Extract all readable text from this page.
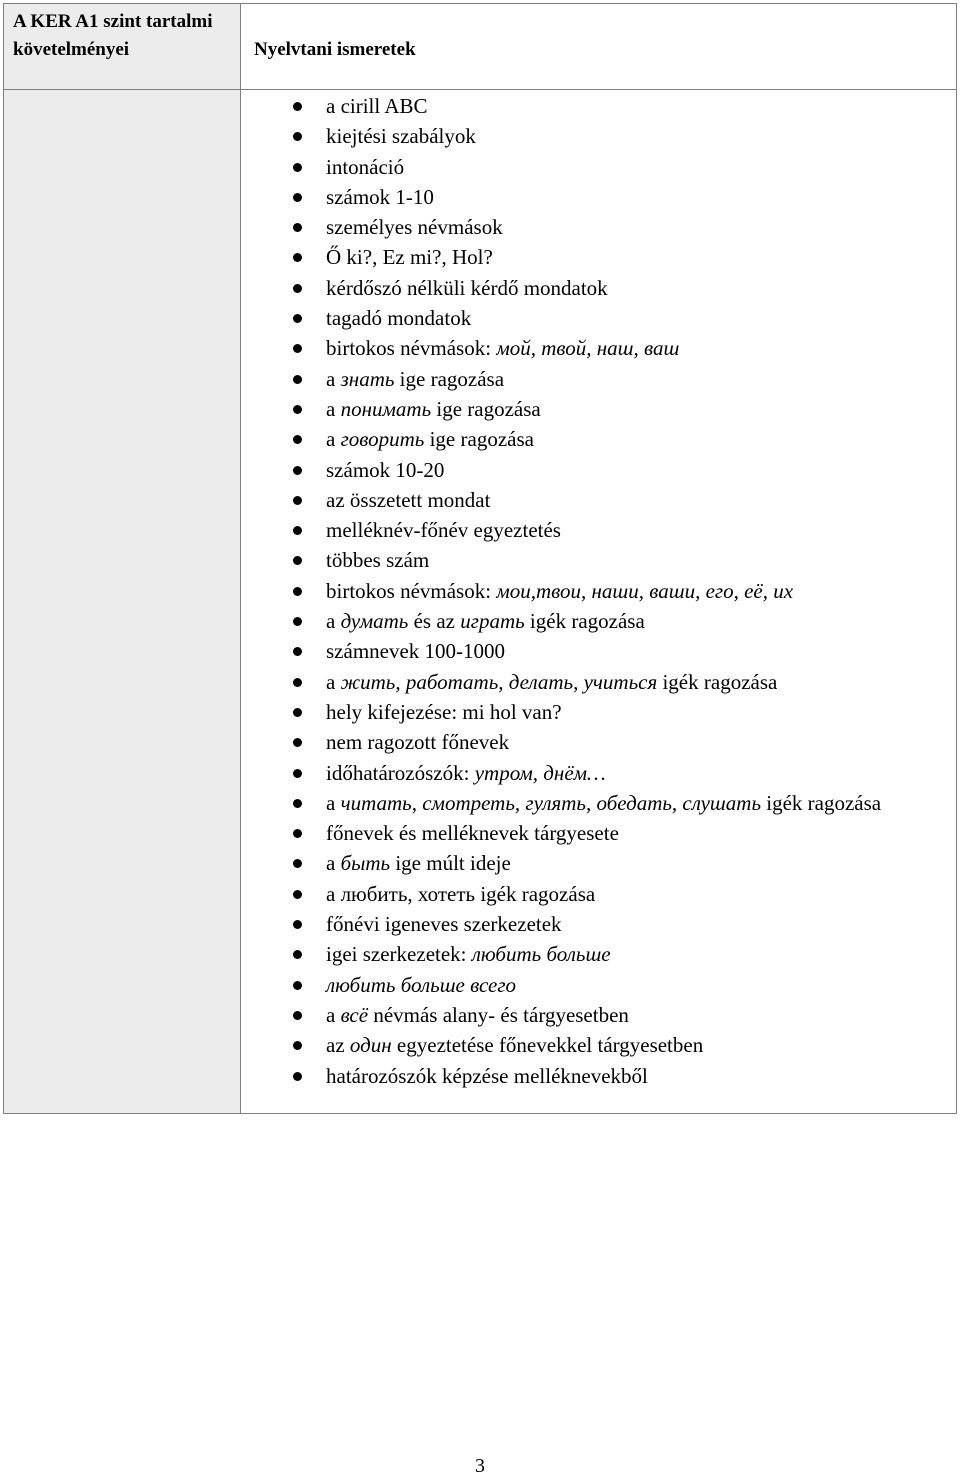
A KER A1 szint tartalmi követelményei	Nyelvtani ismeretek
a cirill ABC
kiejtési szabályok
intonáció
számok 1-10
személyes névmások
Ő ki?, Ez mi?, Hol?
kérdőszó nélküli kérdő mondatok
tagadó mondatok
birtokos névmások: мой, твой, наш, ваш
a знать ige ragozása
a понимать ige ragozása
a говорить ige ragozása
számok 10-20
az összetett mondat
melléknév-főnév egyeztetés
többes szám
birtokos névmások: мои,твои, наши, ваши, его, её, их
a думать és az играть igék ragozása
számnevek 100-1000
a жить, работать, делать, учиться igék ragozása
hely kifejezése: mi hol van?
nem ragozott főnevek
időhatározószók: утром, днём…
a читать, смотреть, гулять, обедать, слушать igék ragozása
főnevek és melléknevek tárgyesete
a быть ige múlt ideje
a любить, хотеть igék ragozása
főnévi igeneves szerkezetek
igei szerkezetek: любить больше
любить больше всего
a всё névmás alany- és tárgyesetben
az один egyeztetése főnevekkel tárgyesetben
határozószók képzése melléknevekből
3
